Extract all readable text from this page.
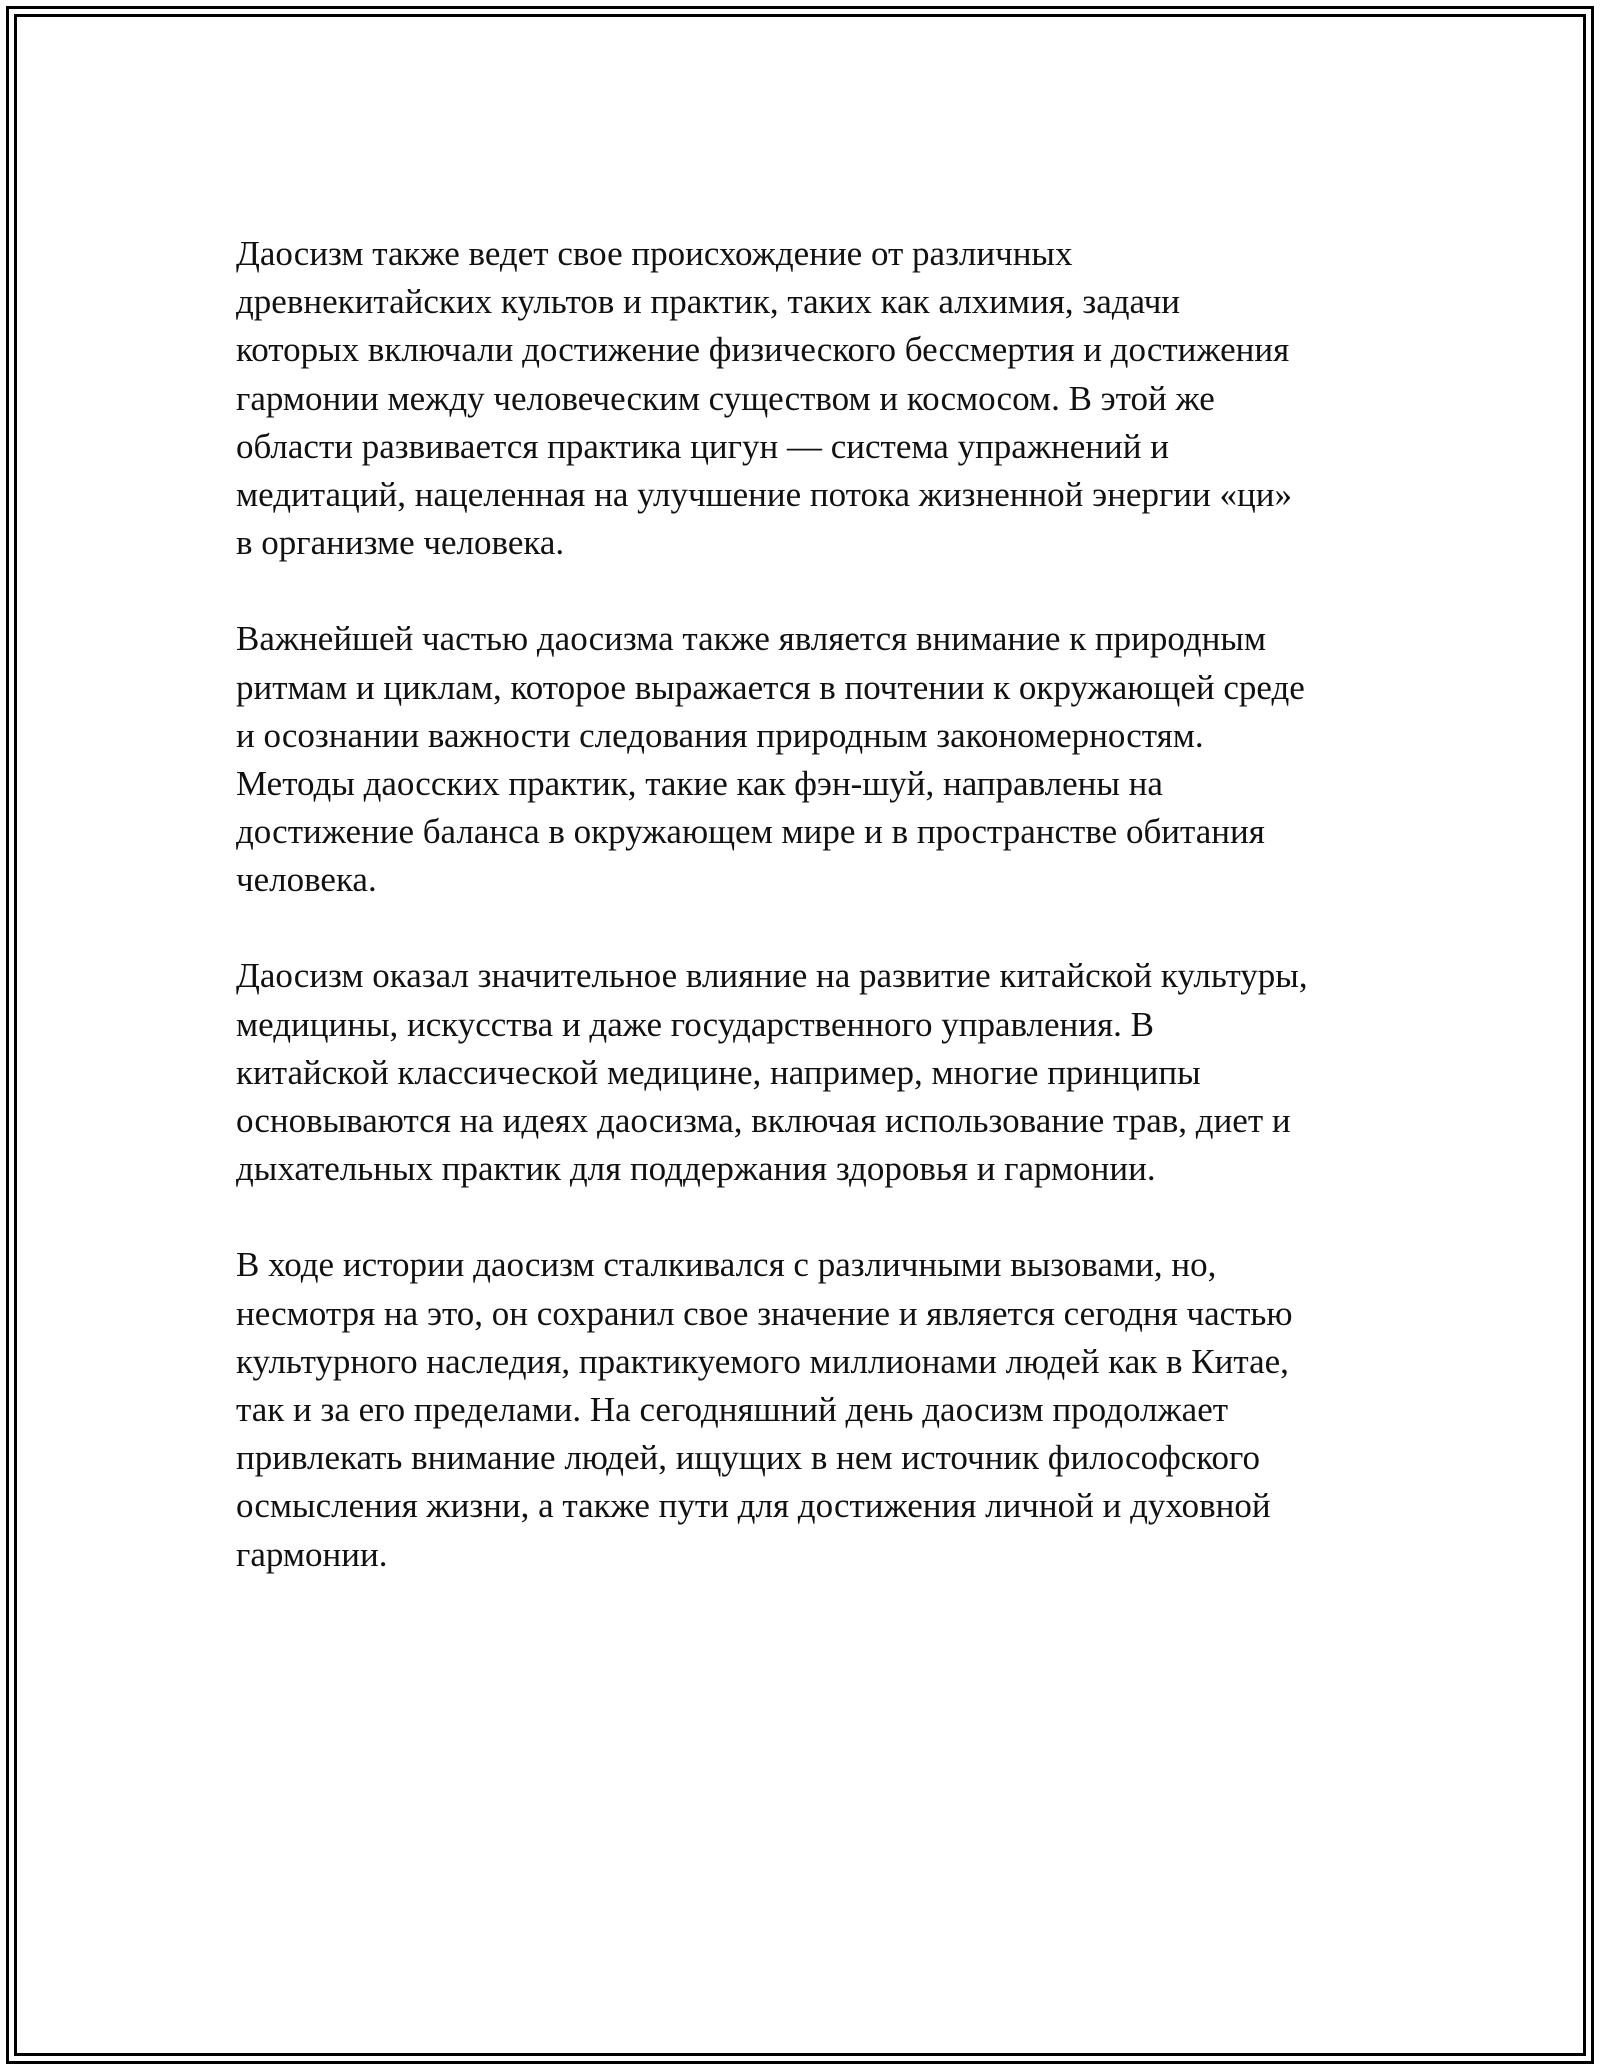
Даосизм также ведет свое происхождение от различных
древнекитайских культов и практик, таких как алхимия, задачи
которых включали достижение физического бессмертия и достижения
гармонии между человеческим существом и космосом. В этой же
области развивается практика цигун — система упражнений и
медитаций, нацеленная на улучшение потока жизненной энергии «ци»
в организме человека.

Важнейшей частью даосизма также является внимание к природным
ритмам и циклам, которое выражается в почтении к окружающей среде
и осознании важности следования природным закономерностям.
Методы даосских практик, такие как фэн-шуй, направлены на
достижение баланса в окружающем мире и в пространстве обитания
человека.

Даосизм оказал значительное влияние на развитие китайской культуры,
медицины, искусства и даже государственного управления. В
китайской классической медицине, например, многие принципы
основываются на идеях даосизма, включая использование трав, диет и
дыхательных практик для поддержания здоровья и гармонии.

В ходе истории даосизм сталкивался с различными вызовами, но,
несмотря на это, он сохранил свое значение и является сегодня частью
культурного наследия, практикуемого миллионами людей как в Китае,
так и за его пределами. На сегодняшний день даосизм продолжает
привлекать внимание людей, ищущих в нем источник философского
осмысления жизни, а также пути для достижения личной и духовной
гармонии.
